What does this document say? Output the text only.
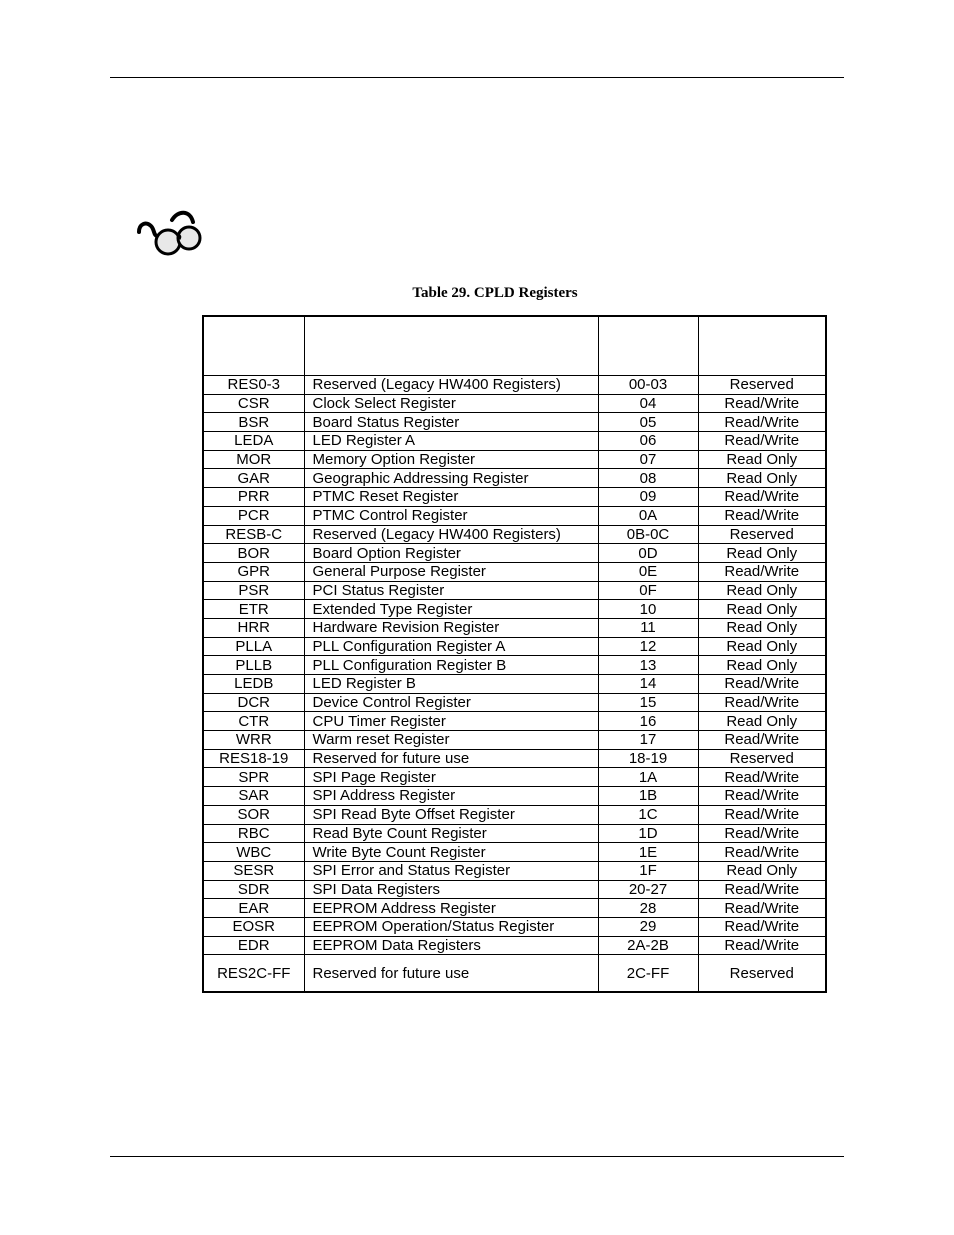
Table 29. CPLD Registers

RES0-3	Reserved (Legacy HW400 Registers)	00-03	Reserved
CSR	Clock Select Register	04	Read/Write
BSR	Board Status Register	05	Read/Write
LEDA	LED Register A	06	Read/Write
MOR	Memory Option Register	07	Read Only
GAR	Geographic Addressing Register	08	Read Only
PRR	PTMC Reset Register	09	Read/Write
PCR	PTMC Control Register	0A	Read/Write
RESB-C	Reserved (Legacy HW400 Registers)	0B-0C	Reserved
BOR	Board Option Register	0D	Read Only
GPR	General Purpose Register	0E	Read/Write
PSR	PCI Status Register	0F	Read Only
ETR	Extended Type Register	10	Read Only
HRR	Hardware Revision Register	11	Read Only
PLLA	PLL Configuration Register A	12	Read Only
PLLB	PLL Configuration Register B	13	Read Only
LEDB	LED Register B	14	Read/Write
DCR	Device Control Register	15	Read/Write
CTR	CPU Timer Register	16	Read Only
WRR	Warm reset Register	17	Read/Write
RES18-19	Reserved for future use	18-19	Reserved
SPR	SPI Page Register	1A	Read/Write
SAR	SPI Address Register	1B	Read/Write
SOR	SPI Read Byte Offset Register	1C	Read/Write
RBC	Read Byte Count Register	1D	Read/Write
WBC	Write Byte Count Register	1E	Read/Write
SESR	SPI Error and Status Register	1F	Read Only
SDR	SPI Data Registers	20-27	Read/Write
EAR	EEPROM Address Register	28	Read/Write
EOSR	EEPROM Operation/Status Register	29	Read/Write
EDR	EEPROM Data Registers	2A-2B	Read/Write
RES2C-FF	Reserved for future use	2C-FF	Reserved
